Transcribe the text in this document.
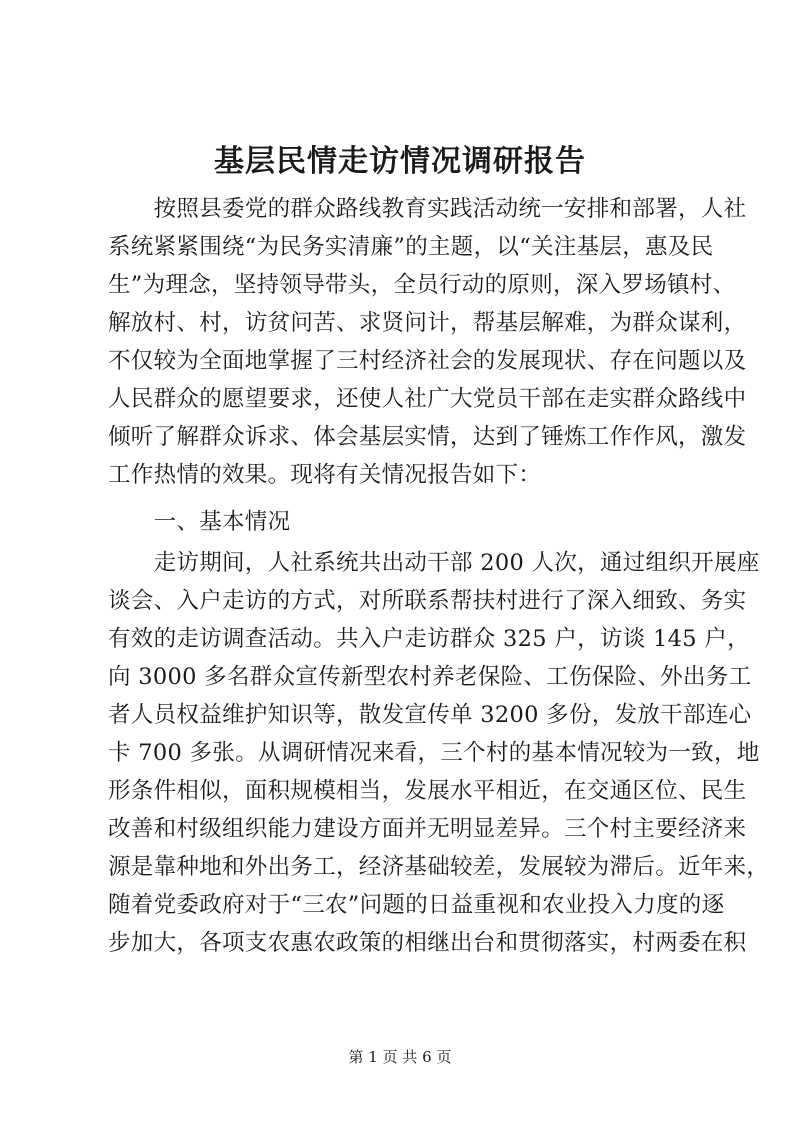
基层民情走访情况调研报告
　　按照县委党的群众路线教育实践活动统一安排和部署，人社
系统紧紧围绕“为民务实清廉”的主题，以“关注基层，惠及民
生”为理念，坚持领导带头，全员行动的原则，深入罗场镇村、
解放村、村，访贫问苦、求贤问计，帮基层解难，为群众谋利，
不仅较为全面地掌握了三村经济社会的发展现状、存在问题以及
人民群众的愿望要求，还使人社广大党员干部在走实群众路线中
倾听了解群众诉求、体会基层实情，达到了锤炼工作作风，激发
工作热情的效果。现将有关情况报告如下：
　　一、基本情况
　　走访期间，人社系统共出动干部 200 人次，通过组织开展座
谈会、入户走访的方式，对所联系帮扶村进行了深入细致、务实
有效的走访调查活动。共入户走访群众 325 户，访谈 145 户，
向 3000 多名群众宣传新型农村养老保险、工伤保险、外出务工
者人员权益维护知识等，散发宣传单 3200 多份，发放干部连心
卡 700 多张。从调研情况来看，三个村的基本情况较为一致，地
形条件相似，面积规模相当，发展水平相近，在交通区位、民生
改善和村级组织能力建设方面并无明显差异。三个村主要经济来
源是靠种地和外出务工，经济基础较差，发展较为滞后。近年来，
随着党委政府对于“三农”问题的日益重视和农业投入力度的逐
步加大，各项支农惠农政策的相继出台和贯彻落实，村两委在积
第 1 页 共 6 页
